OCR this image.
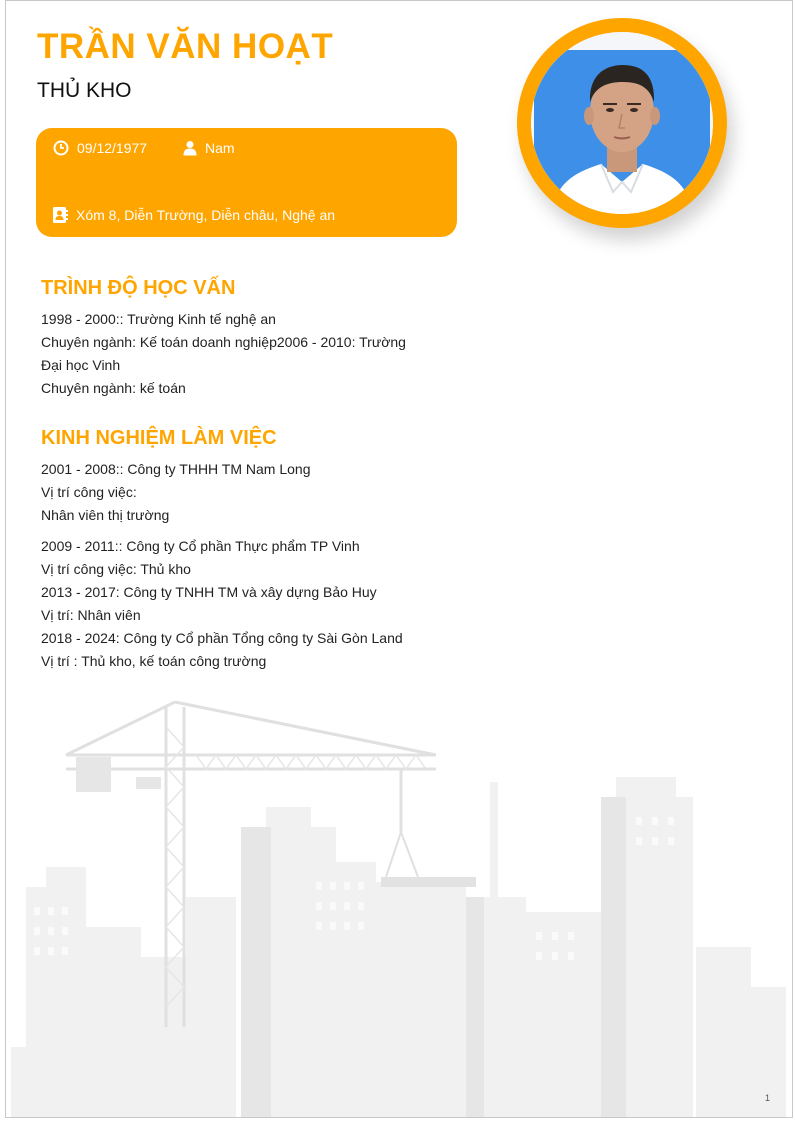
TRẦN VĂN HOẠT
THỦ KHO
09/12/1977	Nam
Xóm 8, Diễn Trường, Diễn châu, Nghệ an
TRÌNH ĐỘ HỌC VẤN
1998 - 2000:: Trường Kinh tế nghệ an
Chuyên ngành: Kế toán doanh nghiệp2006 - 2010: Trường
Đại học Vinh
Chuyên ngành: kế toán
KINH NGHIỆM LÀM VIỆC
2001 - 2008:: Công ty THHH TM Nam Long
Vị trí công việc:
Nhân viên thị trường
2009 - 2011:: Công ty Cổ phần Thực phẩm TP Vinh
Vị trí công việc: Thủ kho
2013 - 2017: Công ty TNHH TM và xây dựng Bảo Huy
Vị trí: Nhân viên
2018 - 2024: Công ty Cổ phần Tổng công ty Sài Gòn Land
Vị trí : Thủ kho, kế toán công trường
1
